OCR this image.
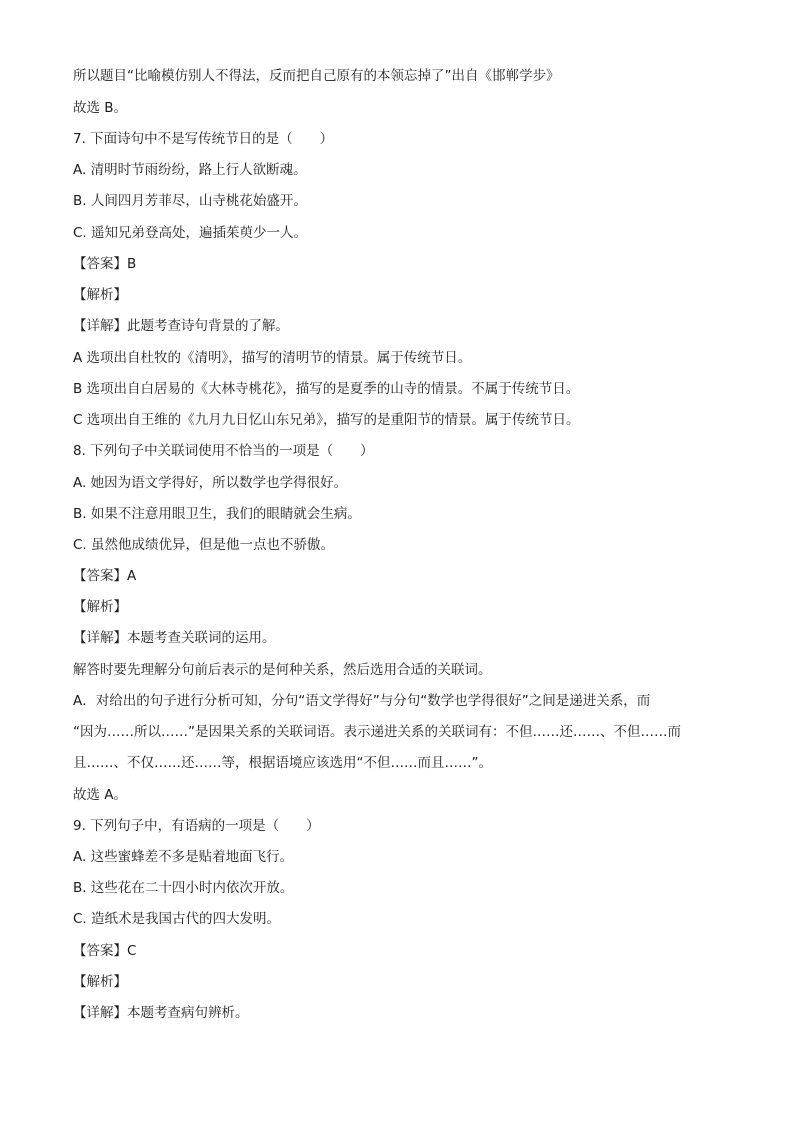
所以题目“比喻模仿别人不得法，反而把自己原有的本领忘掉了”出自《邯郸学步》
故选 B。
7. 下面诗句中不是写传统节日的是（　　）
A. 清明时节雨纷纷，路上行人欲断魂。
B. 人间四月芳菲尽，山寺桃花始盛开。
C. 遥知兄弟登高处，遍插茱萸少一人。
【答案】B
【解析】
【详解】此题考查诗句背景的了解。
A 选项出自杜牧的《清明》，描写的清明节的情景。属于传统节日。
B 选项出自白居易的《大林寺桃花》，描写的是夏季的山寺的情景。不属于传统节日。
C 选项出自王维的《九月九日忆山东兄弟》，描写的是重阳节的情景。属于传统节日。
8. 下列句子中关联词使用不恰当的一项是（　　）
A. 她因为语文学得好，所以数学也学得很好。
B. 如果不注意用眼卫生，我们的眼睛就会生病。
C. 虽然他成绩优异，但是他一点也不骄傲。
【答案】A
【解析】
【详解】本题考查关联词的运用。
解答时要先理解分句前后表示的是何种关系，然后选用合适的关联词。
A．对给出的句子进行分析可知，分句“语文学得好”与分句“数学也学得很好”之间是递进关系，而
“因为……所以……”是因果关系的关联词语。表示递进关系的关联词有：不但……还……、不但……而
且……、不仅……还……等，根据语境应该选用“不但……而且……”。
故选 A。
9. 下列句子中，有语病的一项是（　　）
A. 这些蜜蜂差不多是贴着地面飞行。
B. 这些花在二十四小时内依次开放。
C. 造纸术是我国古代的四大发明。
【答案】C
【解析】
【详解】本题考查病句辨析。
